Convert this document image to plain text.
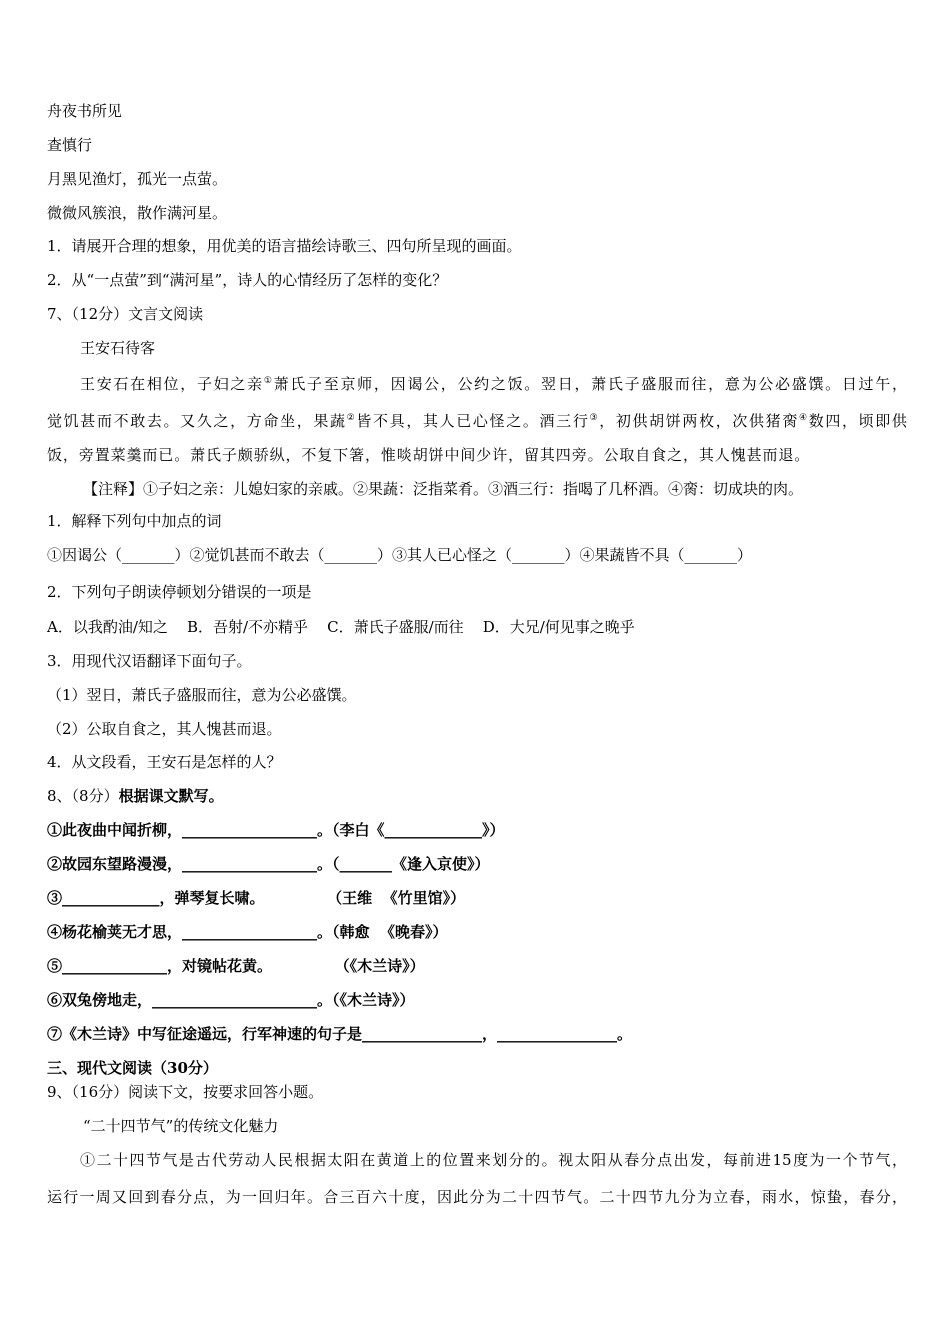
舟夜书所见
查慎行
月黑见渔灯，孤光一点萤。
微微风簇浪，散作满河星。
1．请展开合理的想象，用优美的语言描绘诗歌三、四句所呈现的画面。
2．从“一点萤”到“满河星”，诗人的心情经历了怎样的变化？
7、（12分）文言文阅读
王安石待客
王安石在相位，子妇之亲①萧氏子至京师，因谒公，公约之饭。翌日，萧氏子盛服而往，意为公必盛馔。日过午，
觉饥甚而不敢去。又久之，方命坐，果蔬②皆不具，其人已心怪之。酒三行③，初供胡饼两枚，次供猪脔④数四，顷即供
饭，旁置菜羹而已。萧氏子颇骄纵，不复下箸，惟啖胡饼中间少许，留其四旁。公取自食之，其人愧甚而退。
【注释】①子妇之亲：儿媳妇家的亲戚。②果蔬：泛指菜肴。③酒三行：指喝了几杯酒。④脔：切成块的肉。
1．解释下列句中加点的词
①因谒公（_______）②觉饥甚而不敢去（_______）③其人已心怪之（_______）④果蔬皆不具（_______）
2．下列句子朗读停顿划分错误的一项是
A．以我酌油/知之    B．吾射/不亦精乎    C．萧氏子盛服/而往    D．大兄/何见事之晚乎
3．用现代汉语翻译下面句子。
（1）翌日，萧氏子盛服而往，意为公必盛馔。
（2）公取自食之，其人愧甚而退。
4．从文段看，王安石是怎样的人？
8、（8分）根据课文默写。
①此夜曲中闻折柳，__________________。（李白《_____________》）
②故园东望路漫漫，__________________。（_______《逢入京使》）
③_____________，弹琴复长啸。            （王维  《竹里馆》）
④杨花榆荚无才思，__________________。（韩愈  《晚春》）
⑤______________，对镜帖花黄。            （《木兰诗》）
⑥双兔傍地走，______________________。（《木兰诗》）
⑦《木兰诗》中写征途遥远，行军神速的句子是________________，________________。
三、现代文阅读（30分）
9、（16分）阅读下文，按要求回答小题。
“二十四节气”的传统文化魅力
①二十四节气是古代劳动人民根据太阳在黄道上的位置来划分的。视太阳从春分点出发，每前进15度为一个节气，
运行一周又回到春分点，为一回归年。合三百六十度，因此分为二十四节气。二十四节九分为立春，雨水，惊蛰，春分，
